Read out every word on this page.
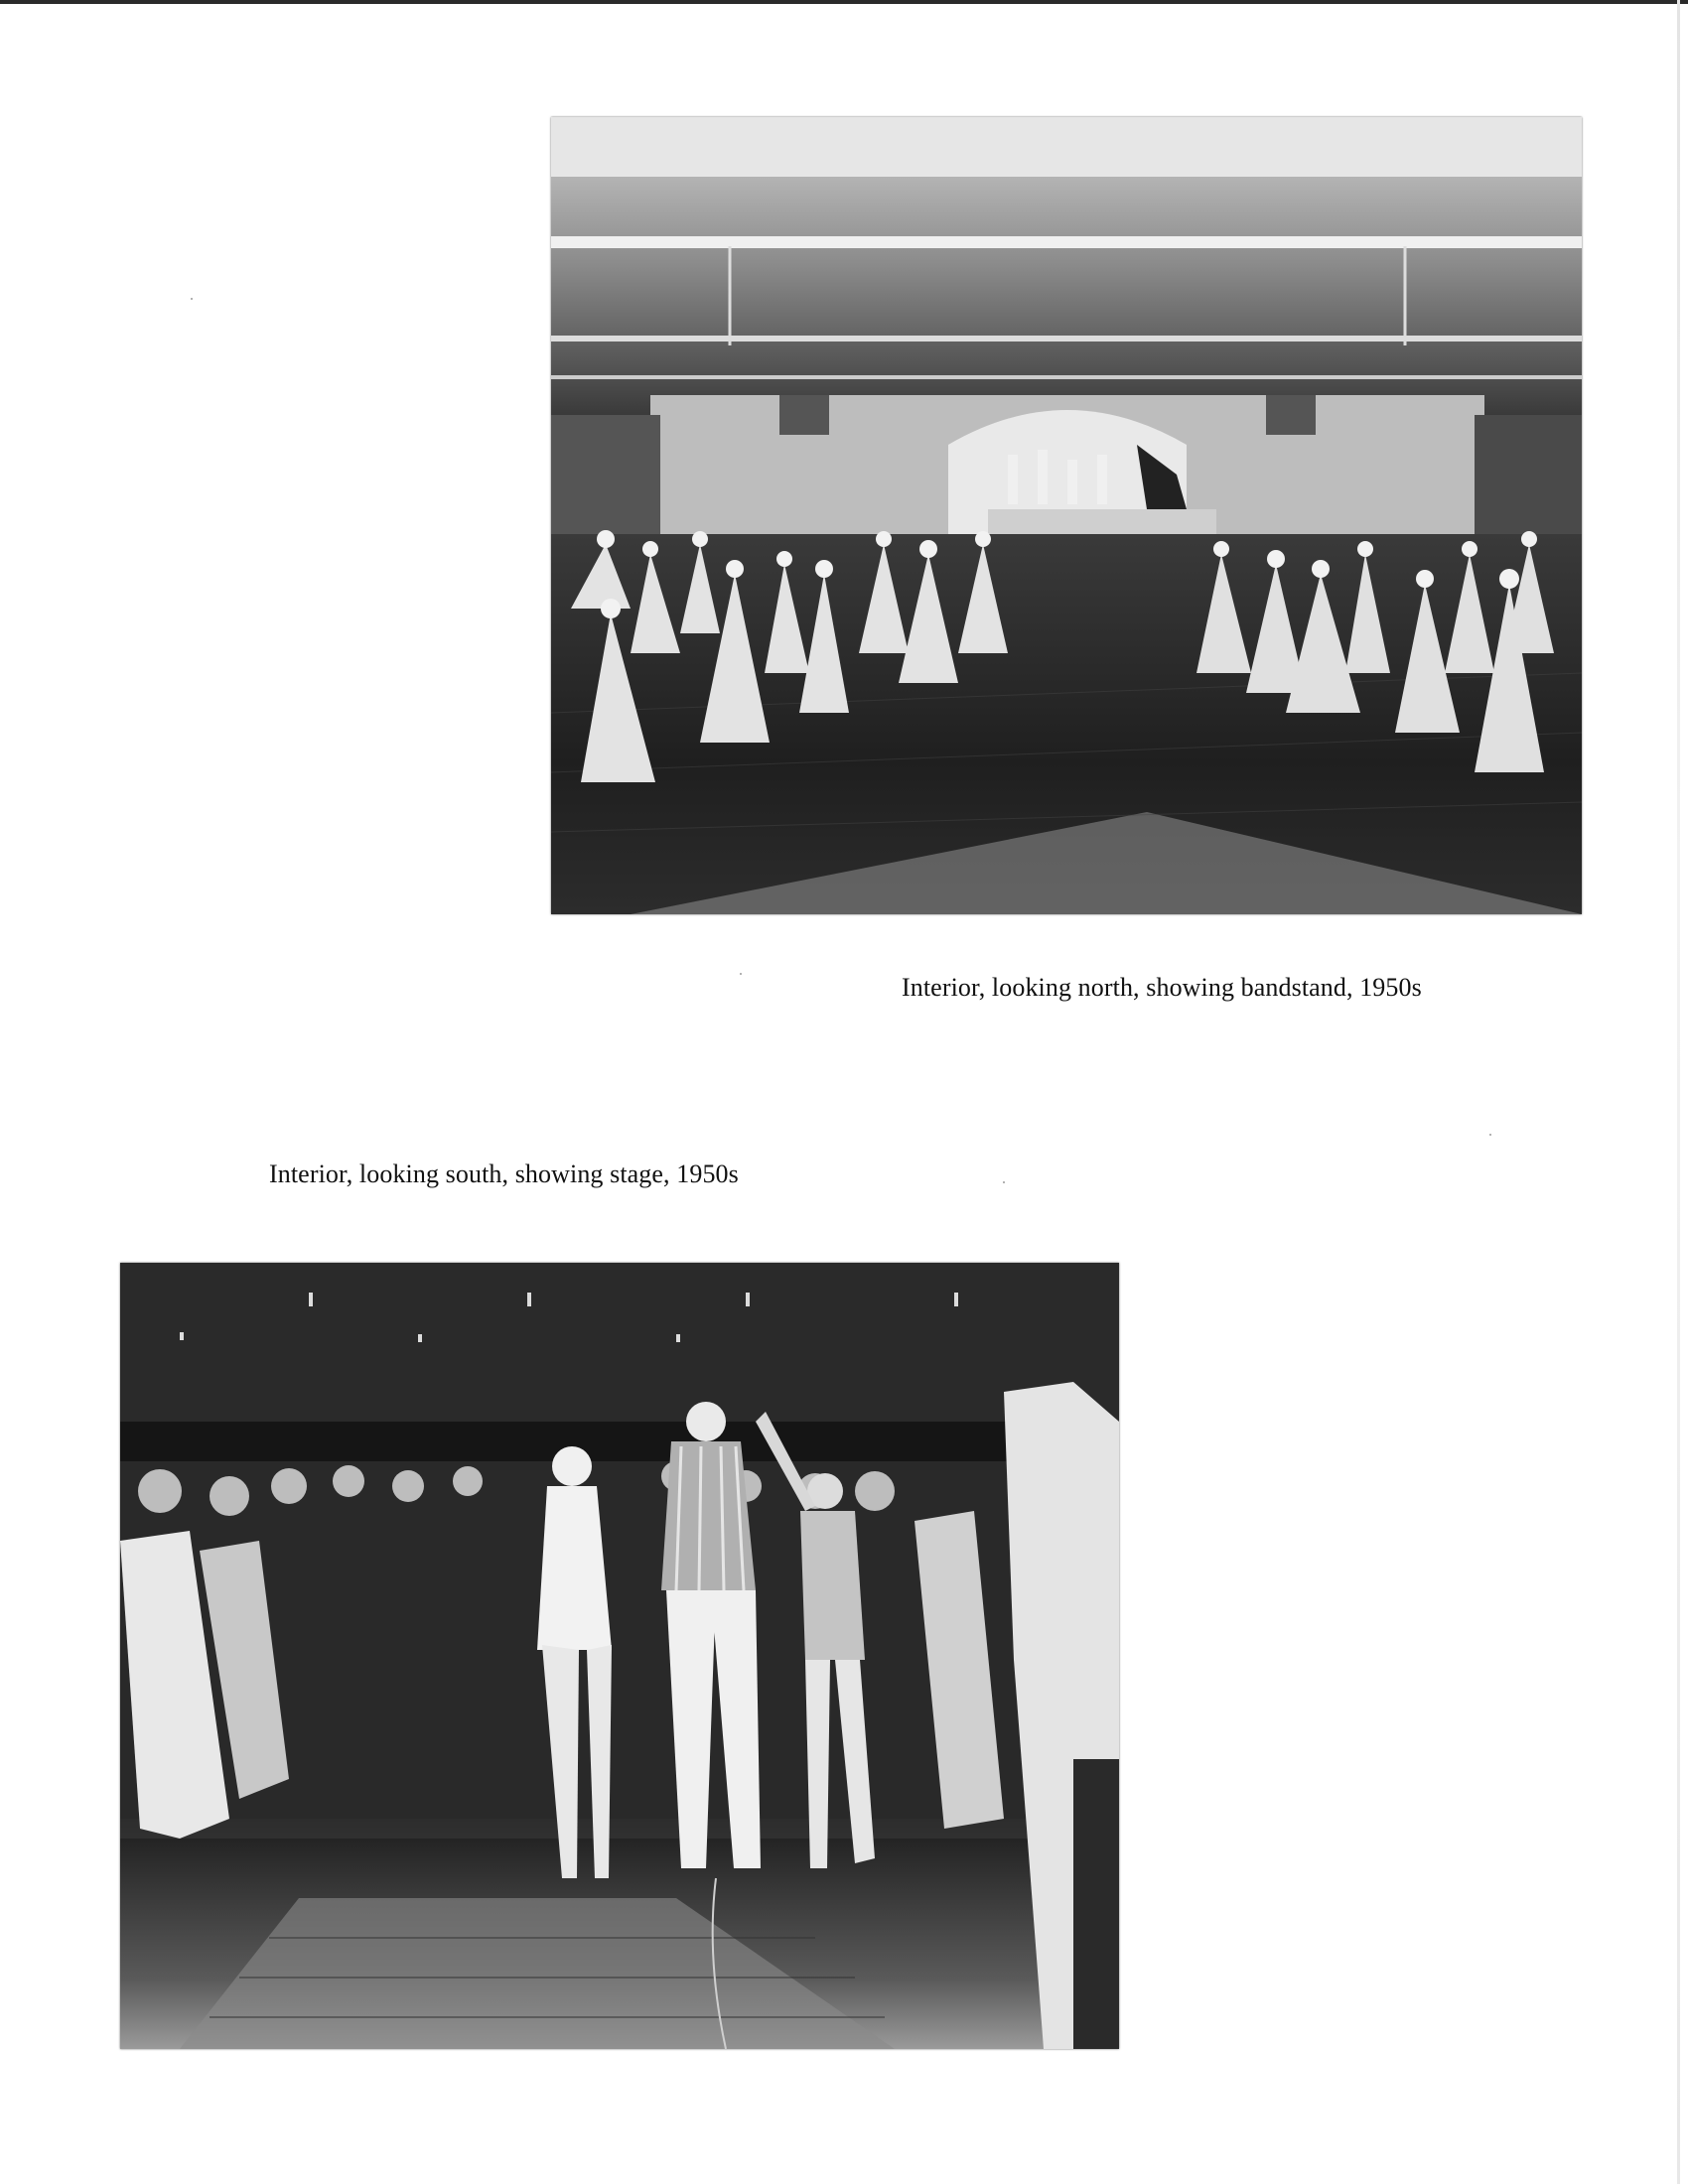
Interior, looking north, showing bandstand, 1950s
Interior, looking south, showing stage, 1950s
